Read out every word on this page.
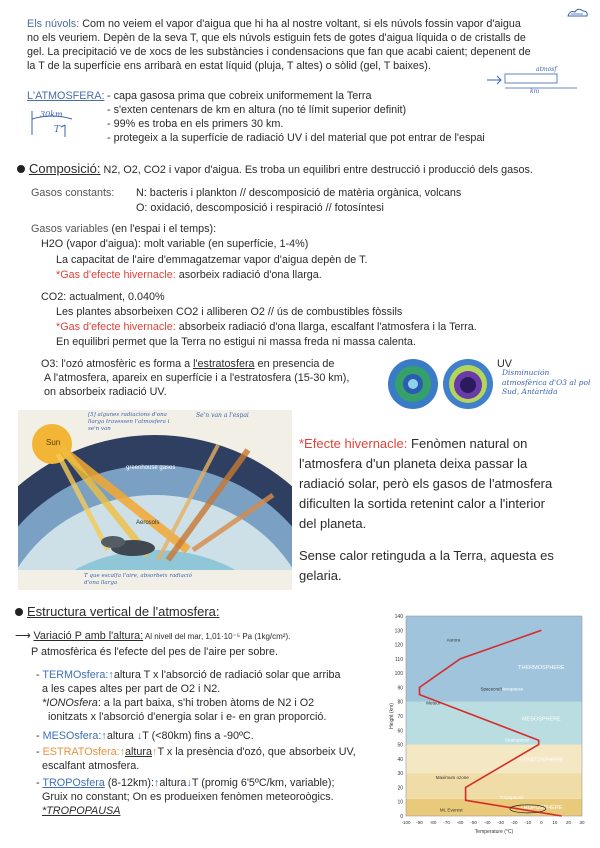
Els núvols: Com no veiem el vapor d'aigua que hi ha al nostre voltant, si els núvols fossin vapor d'aigua
no els veuriem. Depèn de la seva T, que els núvols estiguin fets de gotes d'aigua líquida o de cristalls de
gel. La precipitació ve de xocs de les substàncies i condensacions que fan que acabi caient; depenent de
la T de la superfície ens arribarà en estat líquid (pluja, T altes) o sòlid (gel, T baixes).
L'ATMOSFERA: - capa gasosa prima que cobreix uniformement la Terra
- s'exten centenars de km en altura (no té límit superior definit)
- 99% es troba en els primers 30 km.
- protegeix a la superfície de radiació UV i del material que pot entrar de l'espai
30km
T
atmosf
km
Composició: N2, O2, CO2 i vapor d'aigua. Es troba un equilibri entre destrucció i producció dels gasos.
Gasos constants: N: bacteris i plankton // descomposició de matèria orgànica, volcans
O: oxidació, descomposició i respiració // fotosíntesi
Gasos variables (en l'espai i el temps):
H2O (vapor d'aigua): molt variable (en superfície, 1-4%)
La capacitat de l'aire d'emmagatzemar vapor d'aigua depèn de T.
*Gas d'efecte hivernacle: asorbeix radiació d'ona llarga.
CO2: actualment, 0.040%
Les plantes absorbeixen CO2 i alliberen O2 // ús de combustibles fòssils
*Gas d'efecte hivernacle: absorbeix radiació d'ona llarga, escalfant l'atmosfera i la Terra.
En equilibri permet que la Terra no estigui ni massa freda ni massa calenta.
O3: l'ozó atmosfèric es forma a l'estratosfera en presencia de
A l'atmosfera, apareix en superfície i a l'estratosfera (15-30 km),
on absorbeix radiació UV.
UV
Disminución atmosfèrica d'O3 al pol Sud, Antàrtida
Sun
greenhouse gases
Aerosols
[5] algunes radiacions d'ona llarga travessen l'atmosfera i se'n van
Se'n van a l'espai
T que escalfa l'aire, absorbeix radiació d'ona llarga
*Efecte hivernacle: Fenòmen natural on
l'atmosfera d'un planeta deixa passar la
radiació solar, però els gasos de l'atmosfera
dificulten la sortida retenint calor a l'interior
del planeta.

Sense calor retinguda a la Terra, aquesta es
gelaria.
Estructura vertical de l'atmosfera:
⟶ Variació P amb l'altura: Al nivell del mar, 1,01·10⁻⁵ Pa (1kg/cm²).
P atmosfèrica és l'efecte del pes de l'aire per sobre.
- TERMOsfera:↑altura T x l'absorció de radiació solar que arriba
a les capes altes per part de O2 i N2.
*IONOsfera: a la part baixa, s'hi troben àtoms de N2 i O2
ionitzats x l'absorció d'energia solar i e- en gran proporció.
- MESOsfera:↑altura ↓T (<80km) fins a -90ºC.
- ESTRATOsfera:↑altura↑T x la presència d'ozó, que absorbeix UV,
escalfant atmosfera.
- TROPOsfera (8-12km):↑altura↓T (promig 6'5ºC/km, variable);
Gruix no constant; On es produeixen fenòmen meteoroògics.
*TROPOPAUSA	0
10
20
30
40
50
60
70
80
90
100
110
120
130
140
-100 -90 -80 -70 -60 -50 -40 -30 -20 -10 0 10 20 30
Height (km)
Temperature (°C)
THERMOSPHERE
Mesopause
MESOSPHERE
Stratopause
STRATOSPHERE
Tropopause
TROPOSPHERE
Aurora
Meteor
Spacecraft
Maximum ozone
Mt. Everest
